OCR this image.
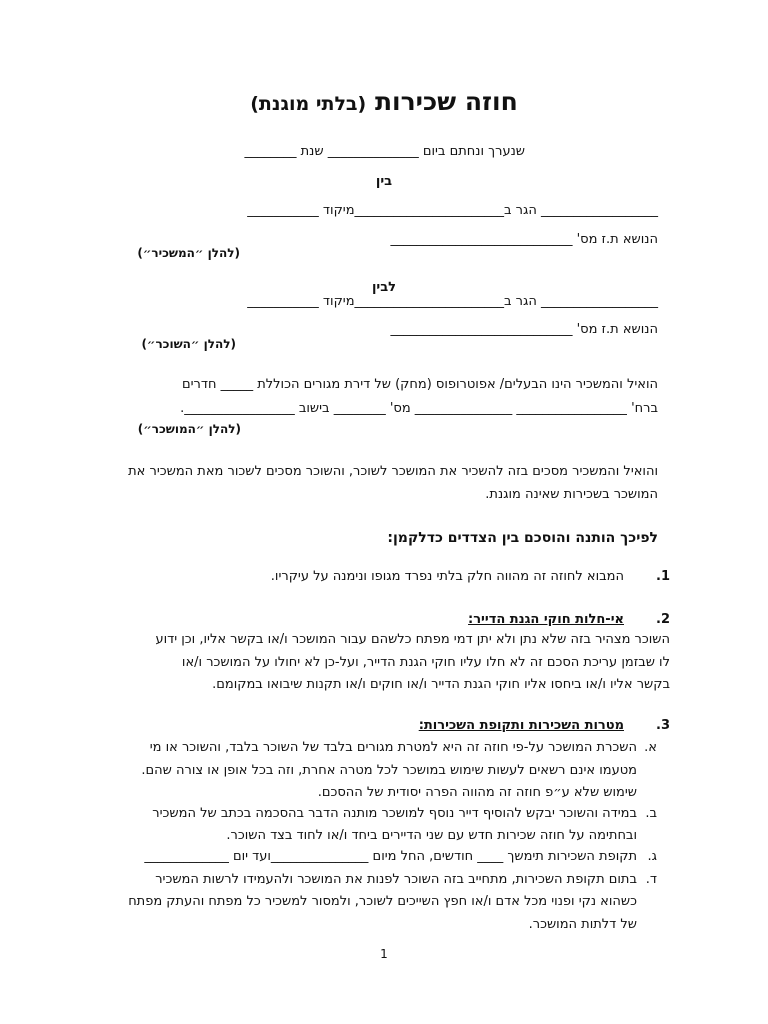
חוזה שכירות (בלתי מוגנת)
שנערך ונחתם ביום ______________ שנת ________
בין
__________________ הגר ב_______________________מיקוד ___________
הנושא ת.ז מס' ____________________________
(להלן ״המשכיר״)
לבין
__________________ הגר ב_______________________מיקוד ___________
הנושא ת.ז מס' ____________________________
(להלן ״השוכר״)
הואיל והמשכיר הינו הבעלים/ אפוטרופוס (מחק) של דירת מגורים הכוללת _____ חדרים
ברח' _________________ _______________ מס' ________ בישוב _________________.
(להלן ״המושכר״)
והואיל והמשכיר מסכים בזה להשכיר את המושכר לשוכר, והשוכר מסכים לשכור מאת המשכיר את
המושכר בשכירות שאינה מוגנת.
לפיכך הותנה והוסכם בין הצדדים כדלקמן:
1.
המבוא לחוזה זה מהווה חלק בלתי נפרד מגופו ונימנה על עיקריו.
2.
אי-חלות חוקי הגנת הדייר:
השוכר מצהיר בזה שלא נתן ולא יתן דמי מפתח כלשהם עבור המושכר ו/או בקשר אליו, וכן ידוע
לו שבזמן עריכת הסכם זה לא חלו עליו חוקי הגנת הדייר, ועל-כן לא יחולו על המושכר ו/או
בקשר אליו ו/או ביחסו אליו חוקי הגנת הדייר ו/או חוקים ו/או תקנות שיבואו במקומם.
3.
מטרות השכירות ותקופת השכירות:
א.
השכרת המושכר על-פי חוזה זה היא למטרת מגורים בלבד של השוכר בלבד, והשוכר או מי
מטעמו אינם רשאים לעשות שימוש במושכר לכל מטרה אחרת, וזה בכל אופן או צורה שהם.
שימוש שלא ע״פ חוזה זה מהווה הפרה יסודית של ההסכם.
ב.
במידה והשוכר יבקש להוסיף דייר נוסף למושכר מותנה הדבר בהסכמה בכתב של המשכיר
ובחתימה על חוזה שכירות חדש עם שני הדיירים ביחד ו/או לחוד בצד השוכר.
ג.
תקופת השכירות תימשך ____ חודשים, החל מיום _______________ועד יום _____________
ד.
בתום תקופת השכירות, מתחייב בזה השוכר לפנות את המושכר ולהעמידו לרשות המשכיר
כשהוא נקי ופנוי מכל אדם ו/או חפץ השייכים לשוכר, ולמסור למשכיר כל מפתח והעתק מפתח
של דלתות המושכר.
1
